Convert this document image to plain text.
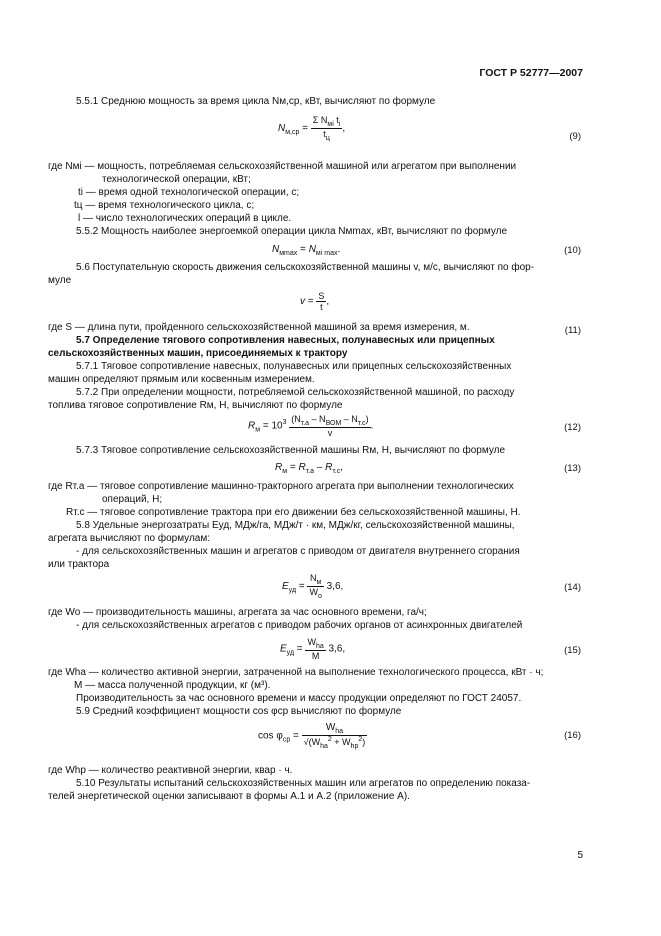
ГОСТ Р 52777—2007
5.5.1 Среднюю мощность за время цикла Nм,ср, кВт, вычисляют по формуле
$N_{м,ср} = \frac{\Sigma N_{мi} t_i}{t_ц}$ ,
(9)
где Nмi — мощность, потребляемая сельскохозяйственной машиной или агрегатом при выполнении
технологической операции, кВт;
ti — время одной технологической операции, с;
tц — время технологического цикла, с;
l — число технологических операций в цикле.
5.5.2 Мощность наиболее энергоемкой операции цикла Nмmax, кВт, вычисляют по формуле
$N_{мmax} = N_{мi max}$.	(10)
5.6 Поступательную скорость движения сельскохозяйственной машины v, м/с, вычисляют по фор-
муле
$v = \frac{S}{t}$ ,
(11)
где S — длина пути, пройденного сельскохозяйственной машиной за время измерения, м.
5.7 Определение тягового сопротивления навесных, полунавесных или прицепных
сельскохозяйственных машин, присоединяемых к трактору
5.7.1 Тяговое сопротивление навесных, полунавесных или прицепных сельскохозяйственных
машин определяют прямым или косвенным измерением.
5.7.2 При определении мощности, потребляемой сельскохозяйственной машиной, по расходу
топлива тяговое сопротивление Rм, Н, вычисляют по формуле
$R_м = 10^3 \frac{(N_{т.а} - N_{ВОМ} - N_{т.с})}{v}$ .	(12)
5.7.3 Тяговое сопротивление сельскохозяйственной машины Rм, Н, вычисляют по формуле
$R_м = R_{т.а} - R_{т.с}$,	(13)
где Rт.а — тяговое сопротивление машинно-тракторного агрегата при выполнении технологических
операций, Н;
Rт.с — тяговое сопротивление трактора при его движении без сельскохозяйственной машины, Н.
5.8 Удельные энергозатраты Eуд, МДж/га, МДж/т · км, МДж/кг, сельскохозяйственной машины,
агрегата вычисляют по формулам:
- для сельскохозяйственных машин и агрегатов с приводом от двигателя внутреннего сгорания
или трактора
$E_{уд} = \frac{N_м}{W_о} 3,6$,	(14)
где Wо — производительность машины, агрегата за час основного времени, га/ч;
- для сельскохозяйственных агрегатов с приводом рабочих органов от асинхронных двигателей
$E_{уд} = \frac{W_{ha}}{M} 3,6$,	(15)
где Wha — количество активной энергии, затраченной на выполнение технологического процесса, кВт · ч;
M — масса полученной продукции, кг (м³).
Производительность за час основного времени и массу продукции определяют по ГОСТ 24057.
5.9 Средний коэффициент мощности cos φср вычисляют по формуле
$\cos \varphi_{ср} = \frac{W_{ha}}{√(W_{ha}^2 + W_{hp}^2)}$	(16)
где Whp — количество реактивной энергии, квар · ч.
5.10 Результаты испытаний сельскохозяйственных машин или агрегатов по определению показа-
телей энергетической оценки записывают в формы А.1 и А.2 (приложение А).
5
